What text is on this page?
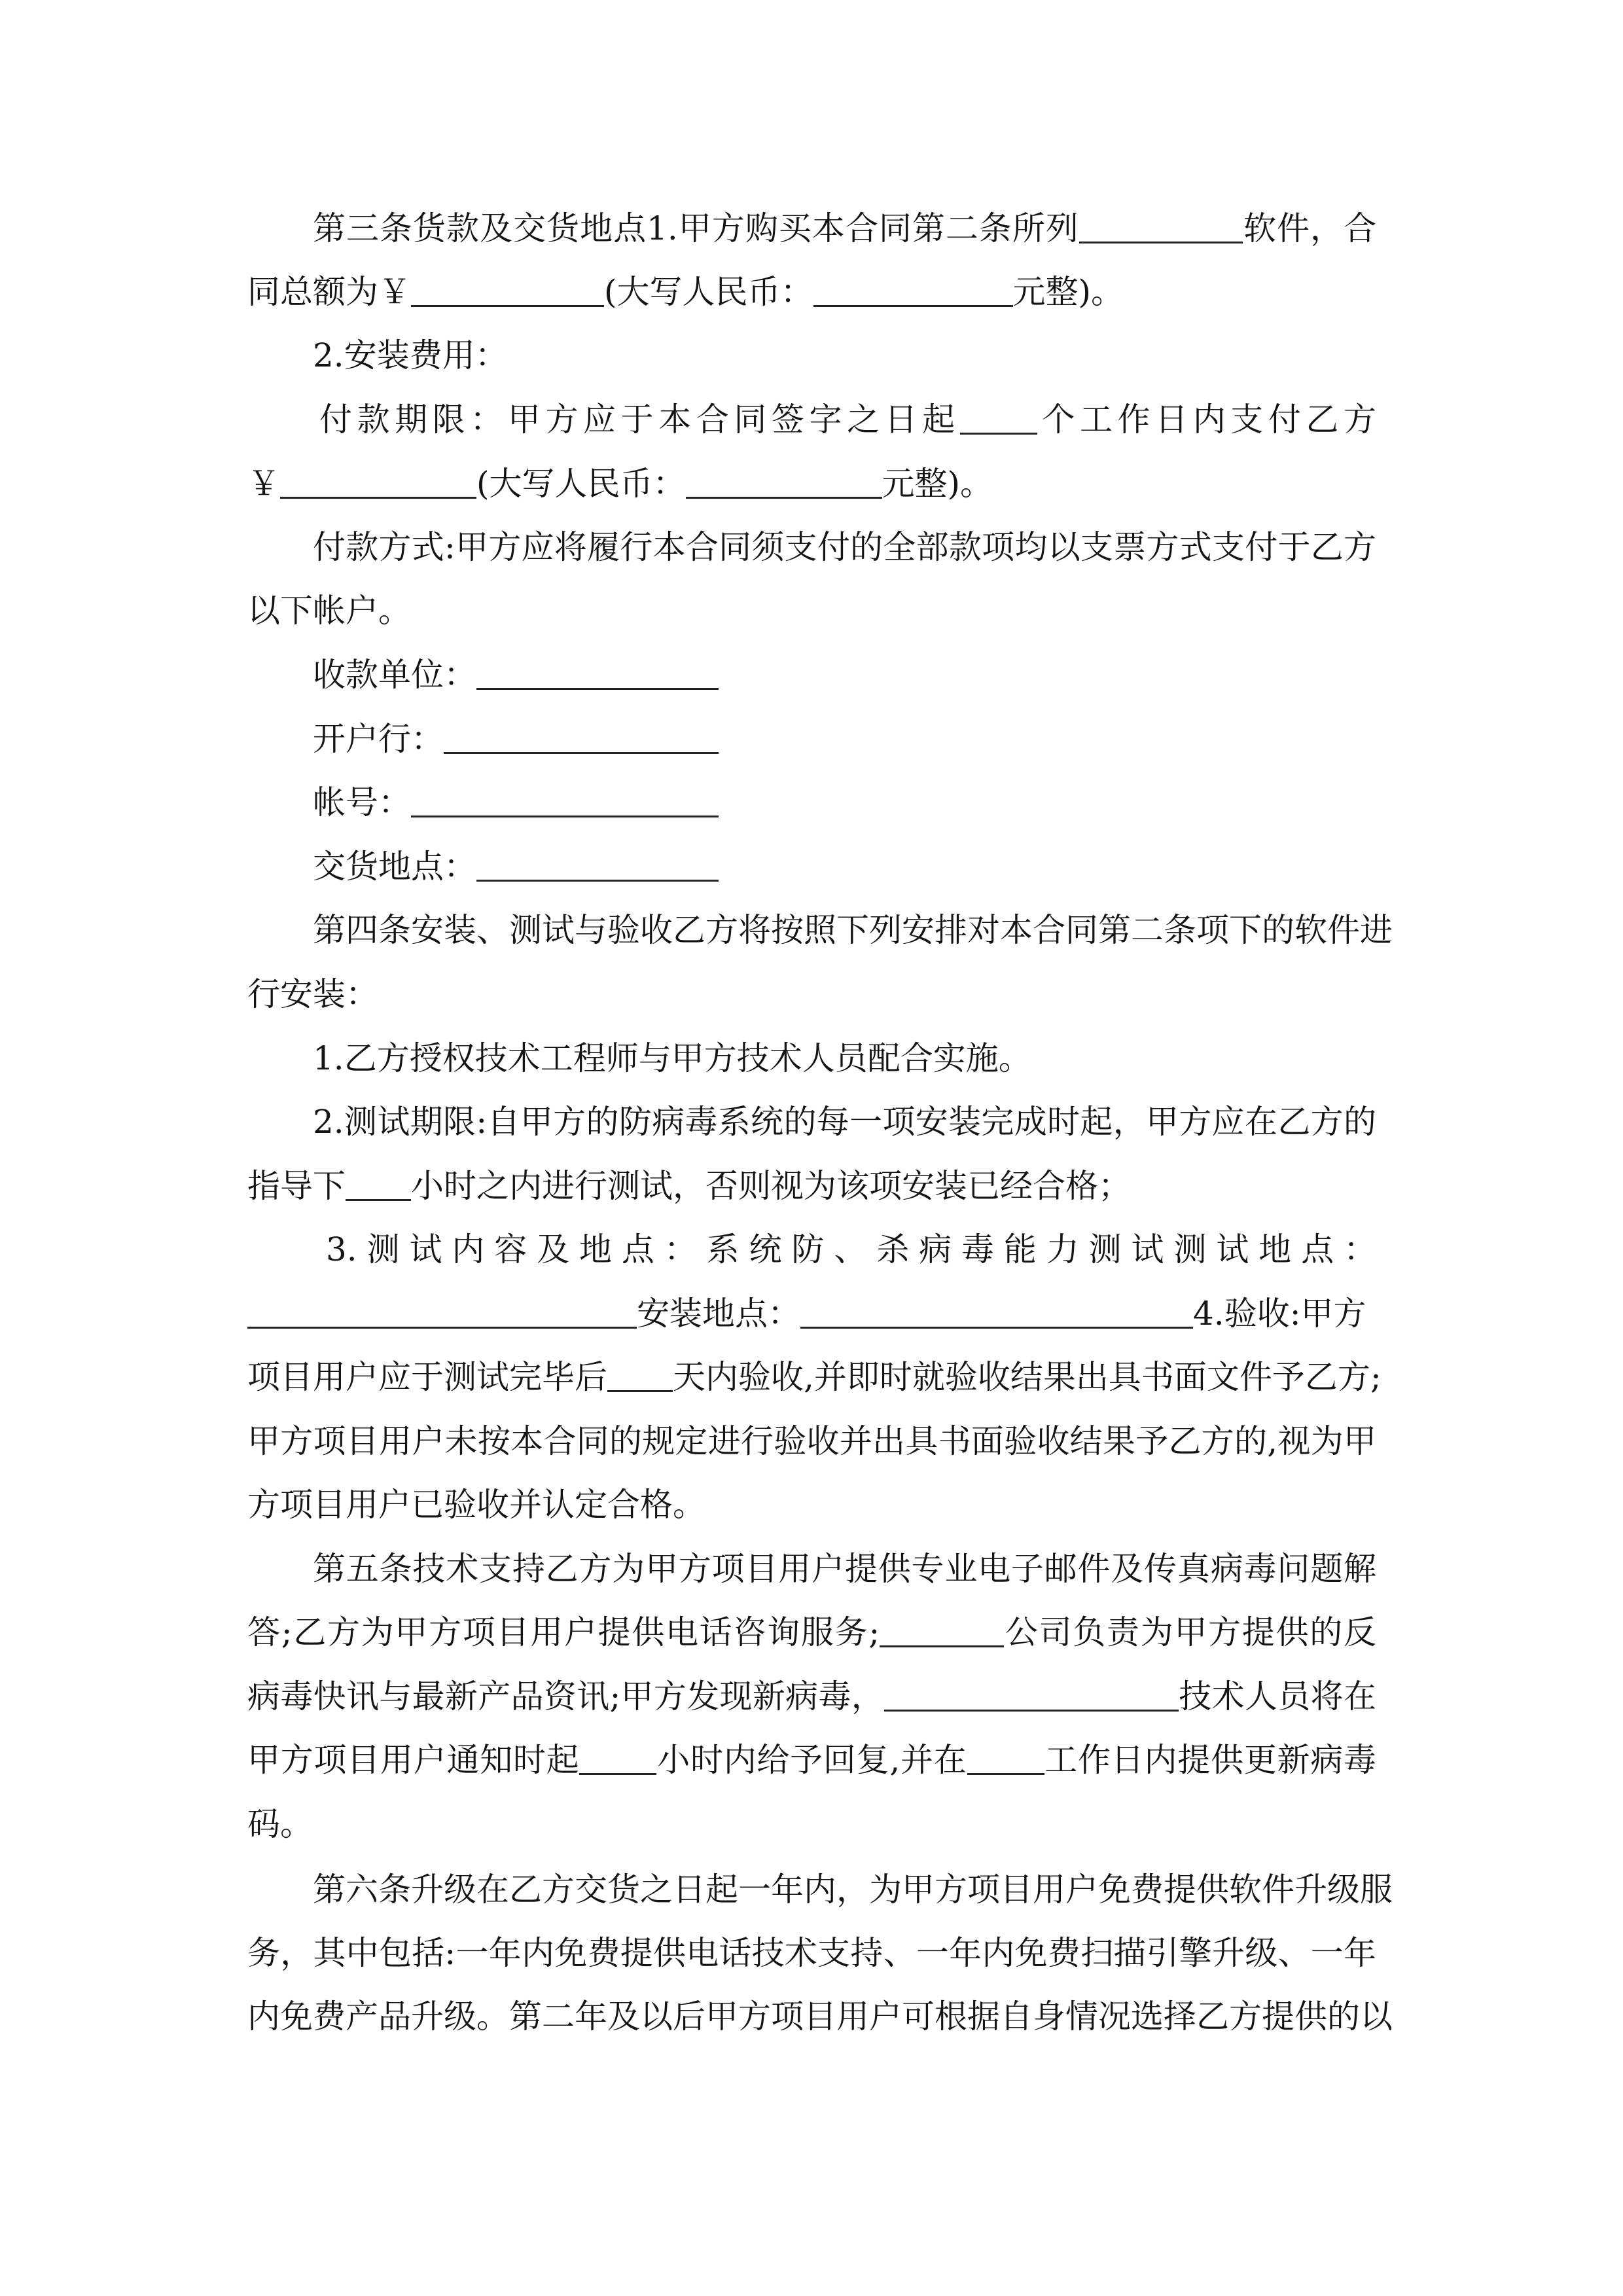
第三条货款及交货地点1.甲方购买本合同第二条所列	软件，合
同总额为￥	(大写人民币：	元整)。
2.安装费用：
付款期限：甲方应于本合同签字之日起 个工作日内支付乙方
￥	(大写人民币：	元整)。
付款方式:甲方应将履行本合同须支付的全部款项均以支票方式支付于乙方
以下帐户。
收款单位：
开户行：
帐号：
交货地点：
第四条安装、测试与验收乙方将按照下列安排对本合同第二条项下的软件进
行安装：
1.乙方授权技术工程师与甲方技术人员配合实施。
2.测试期限:自甲方的防病毒系统的每一项安装完成时起，甲方应在乙方的
指导下 小时之内进行测试，否则视为该项安装已经合格；
3.测试内容及地点：系统防、杀病毒能力测试测试地点：
安装地点：	4.验收:甲方
项目用户应于测试完毕后 天内验收,并即时就验收结果出具书面文件予乙方;
甲方项目用户未按本合同的规定进行验收并出具书面验收结果予乙方的,视为甲
方项目用户已验收并认定合格。
第五条技术支持乙方为甲方项目用户提供专业电子邮件及传真病毒问题解
答;乙方为甲方项目用户提供电话咨询服务;	公司负责为甲方提供的反
病毒快讯与最新产品资讯;甲方发现新病毒，	技术人员将在
甲方项目用户通知时起 小时内给予回复,并在 工作日内提供更新病毒
码。
第六条升级在乙方交货之日起一年内，为甲方项目用户免费提供软件升级服
务，其中包括:一年内免费提供电话技术支持、一年内免费扫描引擎升级、一年
内免费产品升级。第二年及以后甲方项目用户可根据自身情况选择乙方提供的以
